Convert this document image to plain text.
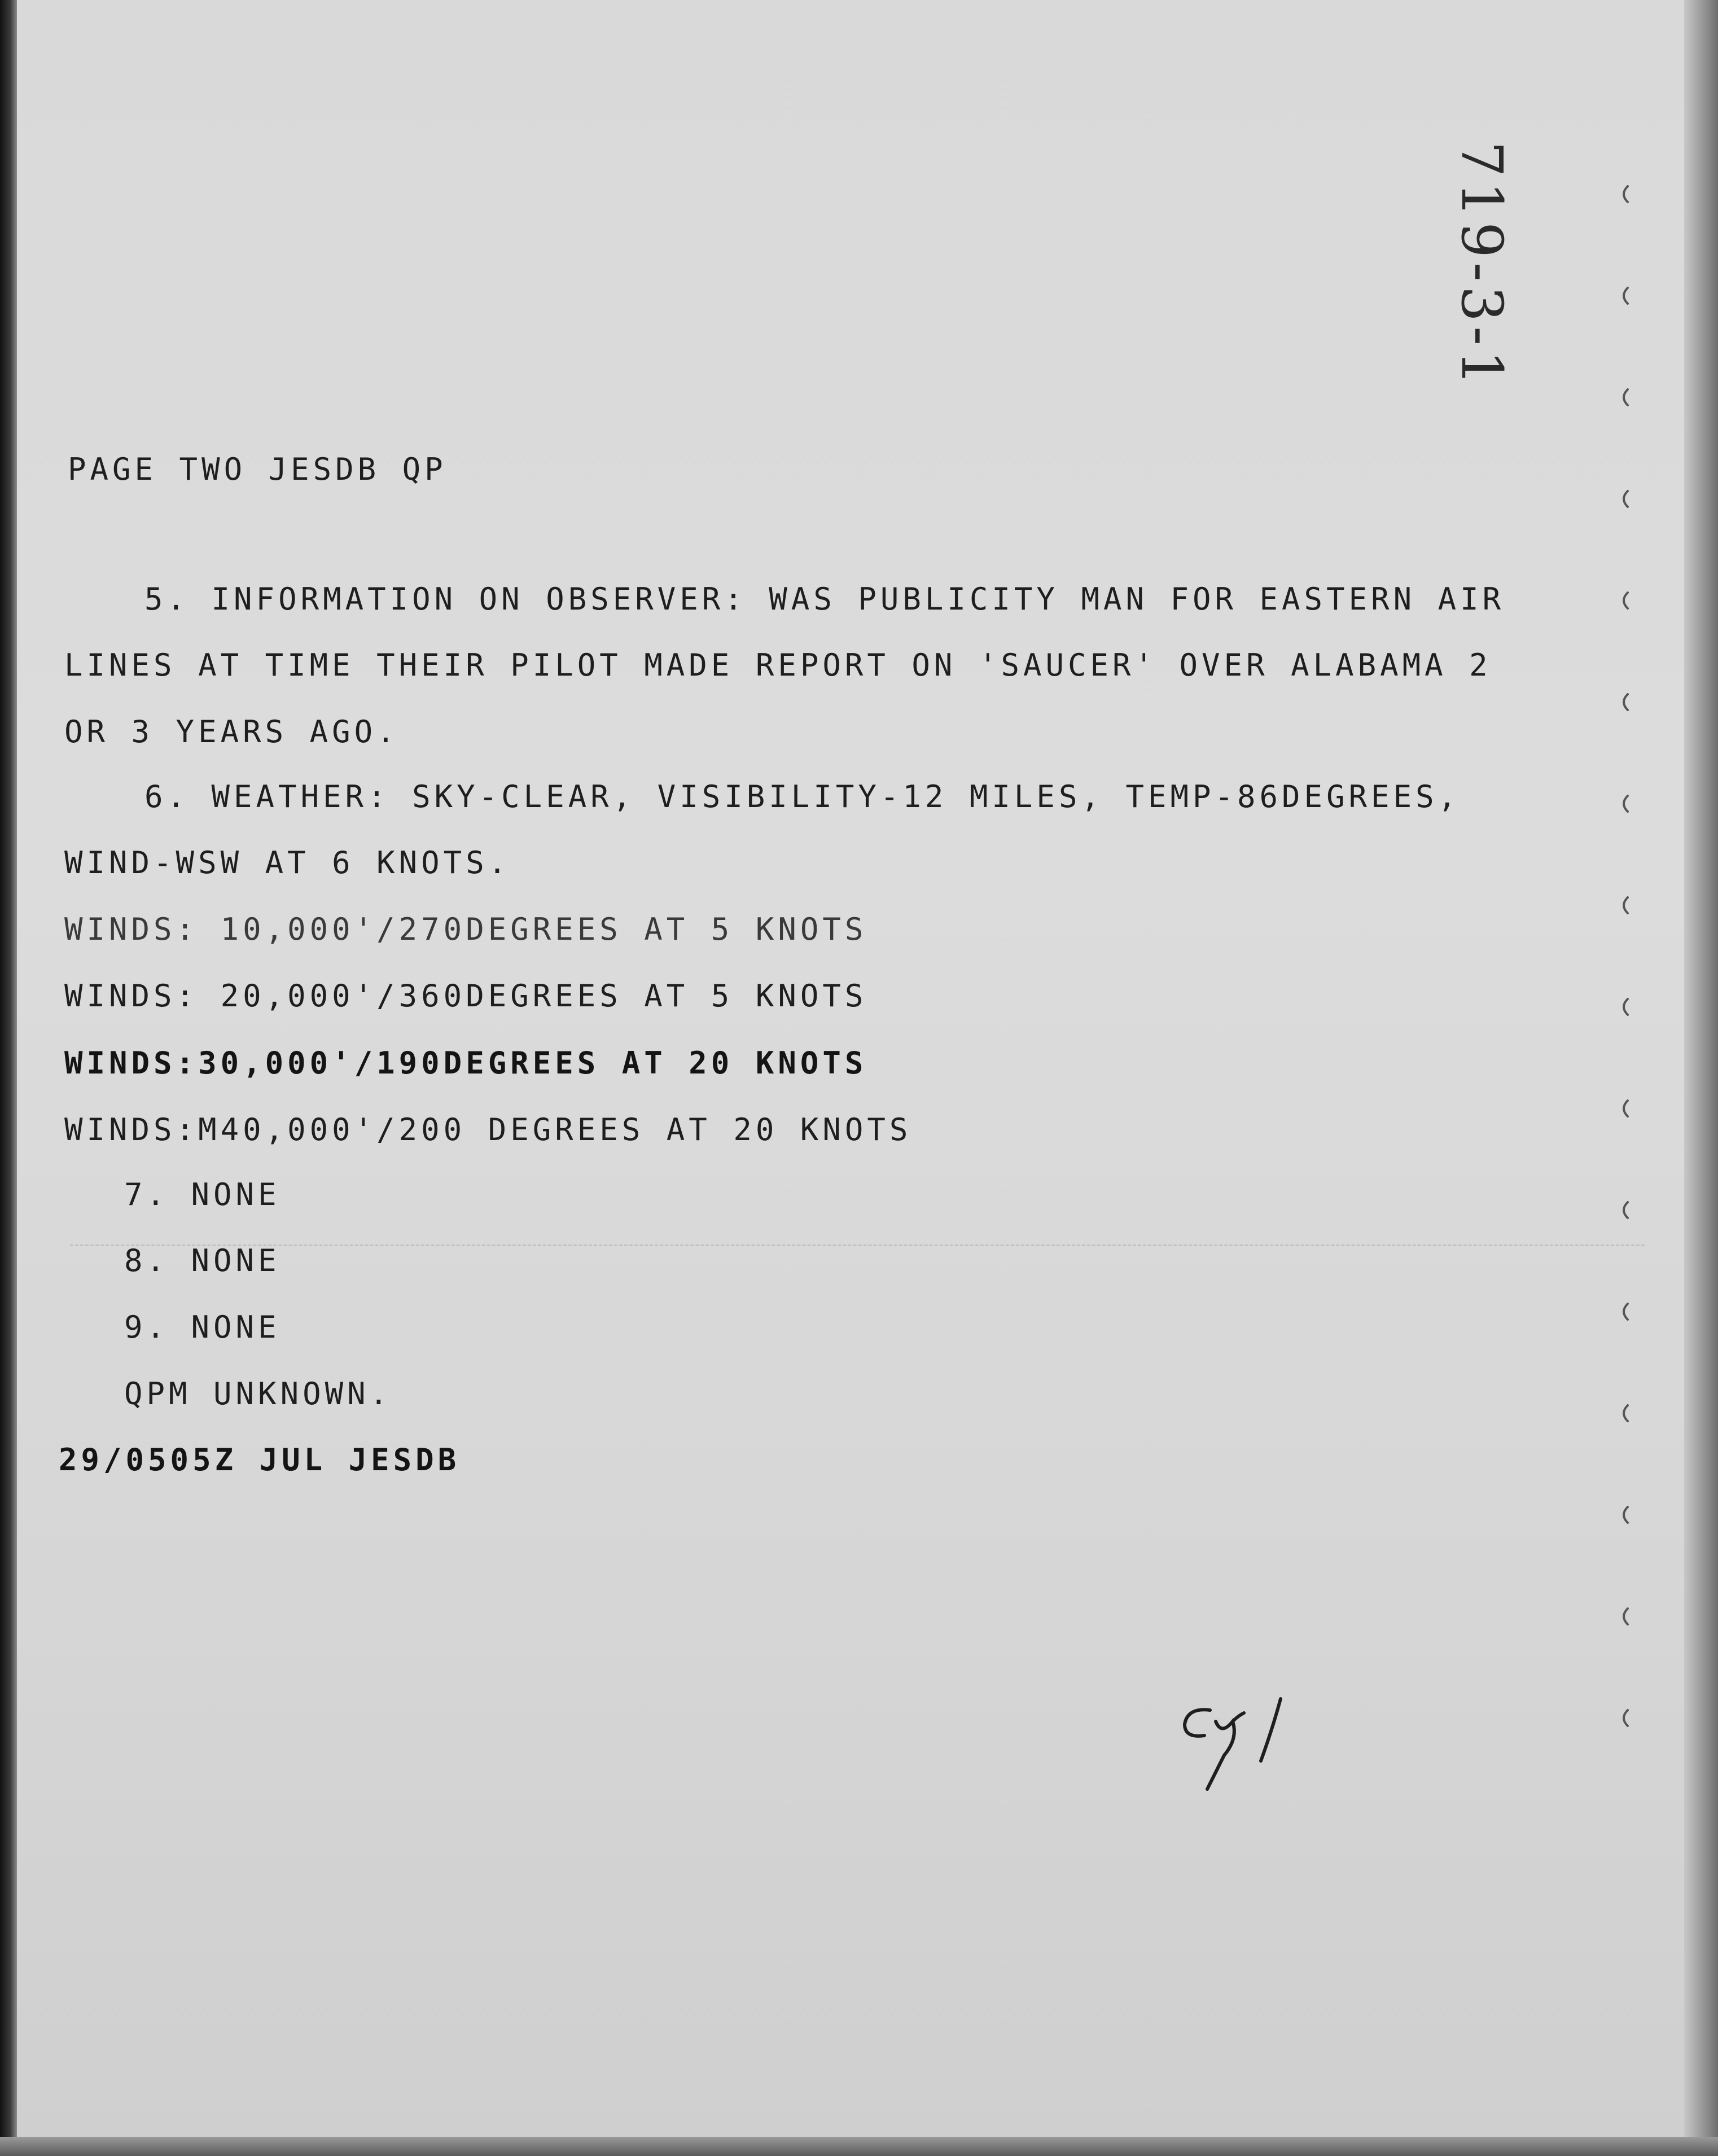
719-3-1
PAGE TWO JESDB QP
5. INFORMATION ON OBSERVER: WAS PUBLICITY MAN FOR EASTERN AIR
LINES AT TIME THEIR PILOT MADE REPORT ON 'SAUCER' OVER ALABAMA 2
OR 3 YEARS AGO.
6. WEATHER: SKY-CLEAR, VISIBILITY-12 MILES, TEMP-86DEGREES,
WIND-WSW AT 6 KNOTS.
WINDS: 10,000'/270DEGREES AT 5 KNOTS
WINDS: 20,000'/360DEGREES AT 5 KNOTS
WINDS:30,000'/190DEGREES AT 20 KNOTS
WINDS:M40,000'/200 DEGREES AT 20 KNOTS
7. NONE
8. NONE
9. NONE
QPM UNKNOWN.
29/0505Z JUL JESDB
